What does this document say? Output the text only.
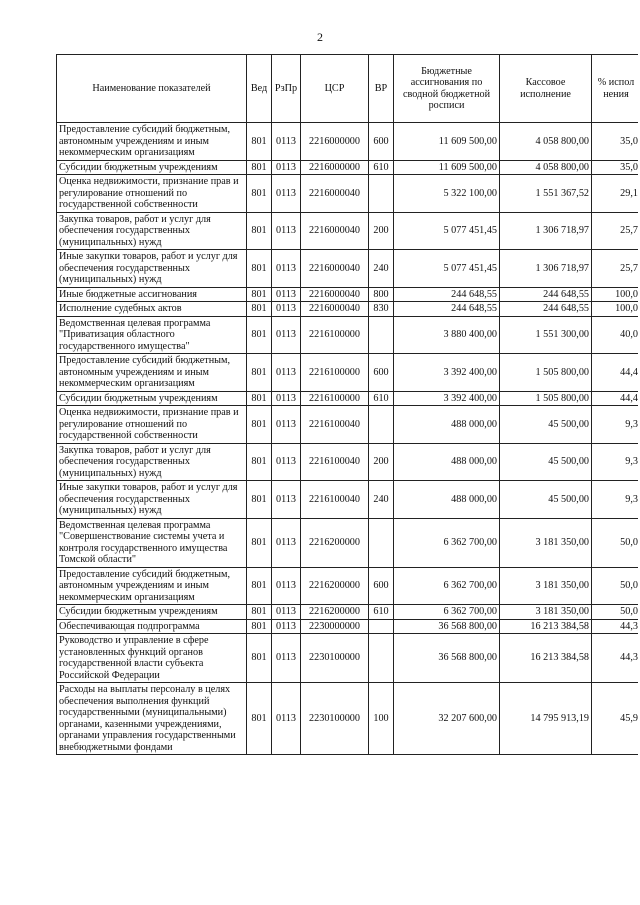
2
Наименование показателей	Вед	РзПр	ЦСР	ВР	Бюджетные ассигнования по сводной бюджетной росписи	Кассовое исполнение	% испол нения
Предоставление субсидий бюджетным, автономным учреждениям и иным некоммерческим организациям	801	0113	2216000000	600	11 609 500,00	4 058 800,00	35,0
Субсидии бюджетным учреждениям	801	0113	2216000000	610	11 609 500,00	4 058 800,00	35,0
Оценка недвижимости, признание прав и регулирование отношений по государственной собственности	801	0113	2216000040		5 322 100,00	1 551 367,52	29,1
Закупка товаров, работ и услуг для обеспечения государственных (муниципальных) нужд	801	0113	2216000040	200	5 077 451,45	1 306 718,97	25,7
Иные закупки товаров, работ и услуг для обеспечения государственных (муниципальных) нужд	801	0113	2216000040	240	5 077 451,45	1 306 718,97	25,7
Иные бюджетные ассигнования	801	0113	2216000040	800	244 648,55	244 648,55	100,0
Исполнение судебных актов	801	0113	2216000040	830	244 648,55	244 648,55	100,0
Ведомственная целевая программа "Приватизация областного государственного имущества"	801	0113	2216100000		3 880 400,00	1 551 300,00	40,0
Предоставление субсидий бюджетным, автономным учреждениям и иным некоммерческим организациям	801	0113	2216100000	600	3 392 400,00	1 505 800,00	44,4
Субсидии бюджетным учреждениям	801	0113	2216100000	610	3 392 400,00	1 505 800,00	44,4
Оценка недвижимости, признание прав и регулирование отношений по государственной собственности	801	0113	2216100040		488 000,00	45 500,00	9,3
Закупка товаров, работ и услуг для обеспечения государственных (муниципальных) нужд	801	0113	2216100040	200	488 000,00	45 500,00	9,3
Иные закупки товаров, работ и услуг для обеспечения государственных (муниципальных) нужд	801	0113	2216100040	240	488 000,00	45 500,00	9,3
Ведомственная целевая программа "Совершенствование системы учета и контроля государственного имущества Томской области"	801	0113	2216200000		6 362 700,00	3 181 350,00	50,0
Предоставление субсидий бюджетным, автономным учреждениям и иным некоммерческим организациям	801	0113	2216200000	600	6 362 700,00	3 181 350,00	50,0
Субсидии бюджетным учреждениям	801	0113	2216200000	610	6 362 700,00	3 181 350,00	50,0
Обеспечивающая подпрограмма	801	0113	2230000000		36 568 800,00	16 213 384,58	44,3
Руководство и управление в сфере установленных функций органов государственной власти субъекта Российской Федерации	801	0113	2230100000		36 568 800,00	16 213 384,58	44,3
Расходы на выплаты персоналу в целях обеспечения выполнения функций государственными (муниципальными) органами, казенными учреждениями, органами управления государственными внебюджетными фондами	801	0113	2230100000	100	32 207 600,00	14 795 913,19	45,9
